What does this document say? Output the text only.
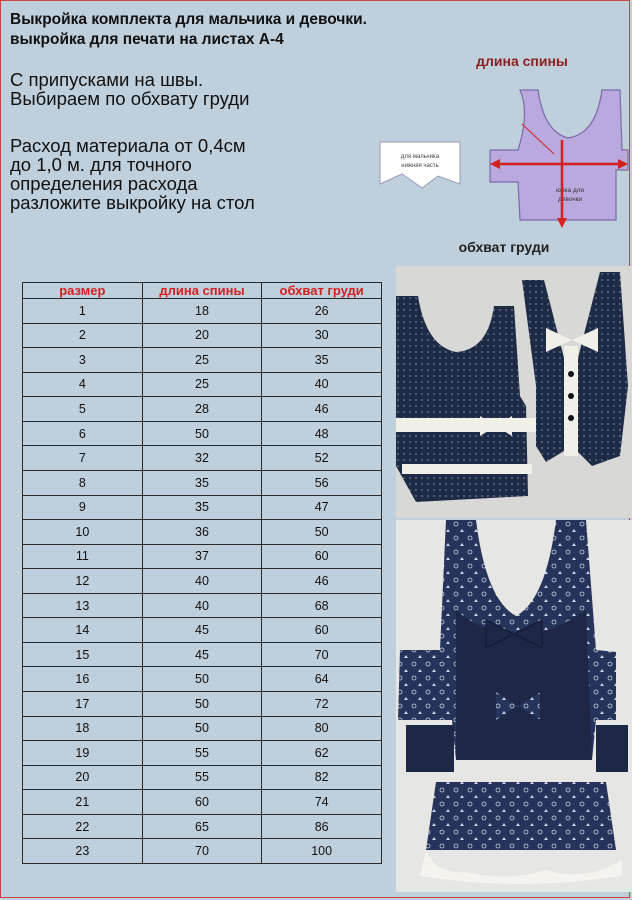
Выкройка комплекта для мальчика и девочки.
выкройка для печати на листах А-4
С припусками на швы.
Выбираем по обхвату груди
Расход материала от 0,4см
до 1,0 м. для точного
определения расхода
разложите выкройку на стол
для мальчика
нижняя часть
юбка для
девочки
длина спины
обхват груди
размер	длина спины	обхват груди
1	18	26
2	20	30
3	25	35
4	25	40
5	28	46
6	50	48
7	32	52
8	35	56
9	35	47
10	36	50
11	37	60
12	40	46
13	40	68
14	45	60
15	45	70
16	50	64
17	50	72
18	50	80
19	55	62
20	55	82
21	60	74
22	65	86
23	70	100
